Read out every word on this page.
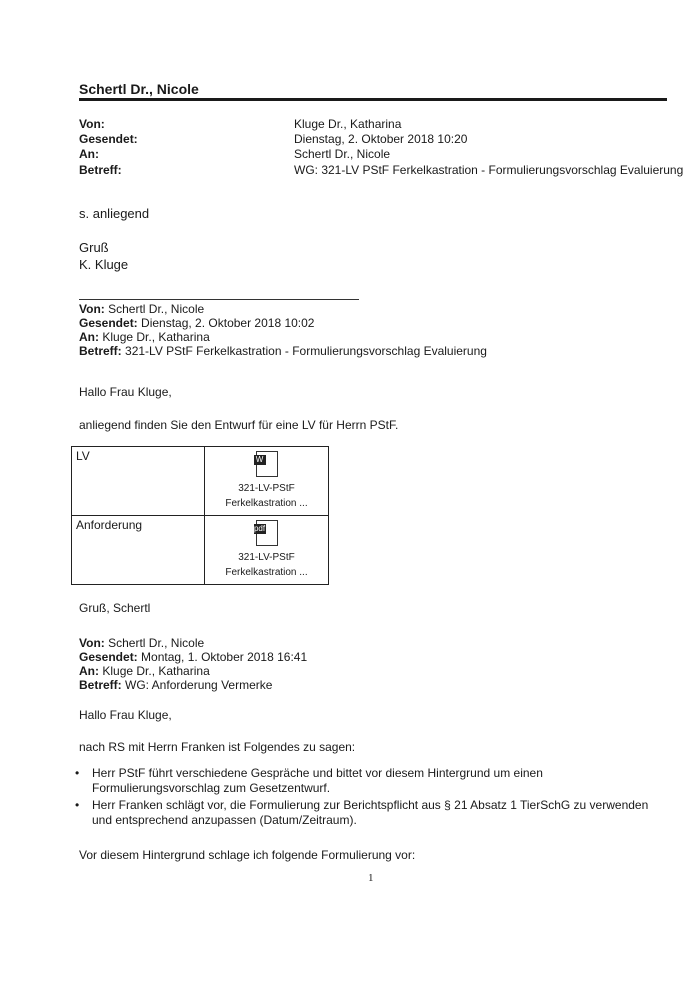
Schertl Dr., Nicole
Von:	Kluge Dr., Katharina
Gesendet:	Dienstag, 2. Oktober 2018 10:20
An:	Schertl Dr., Nicole
Betreff:	WG: 321-LV PStF Ferkelkastration - Formulierungsvorschlag Evaluierung
s. anliegend
Gruß
K. Kluge
Von: Schertl Dr., Nicole
Gesendet: Dienstag, 2. Oktober 2018 10:02
An: Kluge Dr., Katharina
Betreff: 321-LV PStF Ferkelkastration - Formulierungsvorschlag Evaluierung
Hallo Frau Kluge,
anliegend finden Sie den Entwurf für eine LV für Herrn PStF.
LV	W
321-LV-PStF
Ferkelkastration ...

Anforderung	pdf
321-LV-PStF
Ferkelkastration ...
Gruß, Schertl
Von: Schertl Dr., Nicole
Gesendet: Montag, 1. Oktober 2018 16:41
An: Kluge Dr., Katharina
Betreff: WG: Anforderung Vermerke
Hallo Frau Kluge,
nach RS mit Herrn Franken ist Folgendes zu sagen:
• Herr PStF führt verschiedene Gespräche und bittet vor diesem Hintergrund um einen Formulierungsvorschlag zum Gesetzentwurf.
• Herr Franken schlägt vor, die Formulierung zur Berichtspflicht aus § 21 Absatz 1 TierSchG zu verwenden und entsprechend anzupassen (Datum/Zeitraum).
Vor diesem Hintergrund schlage ich folgende Formulierung vor:
1
